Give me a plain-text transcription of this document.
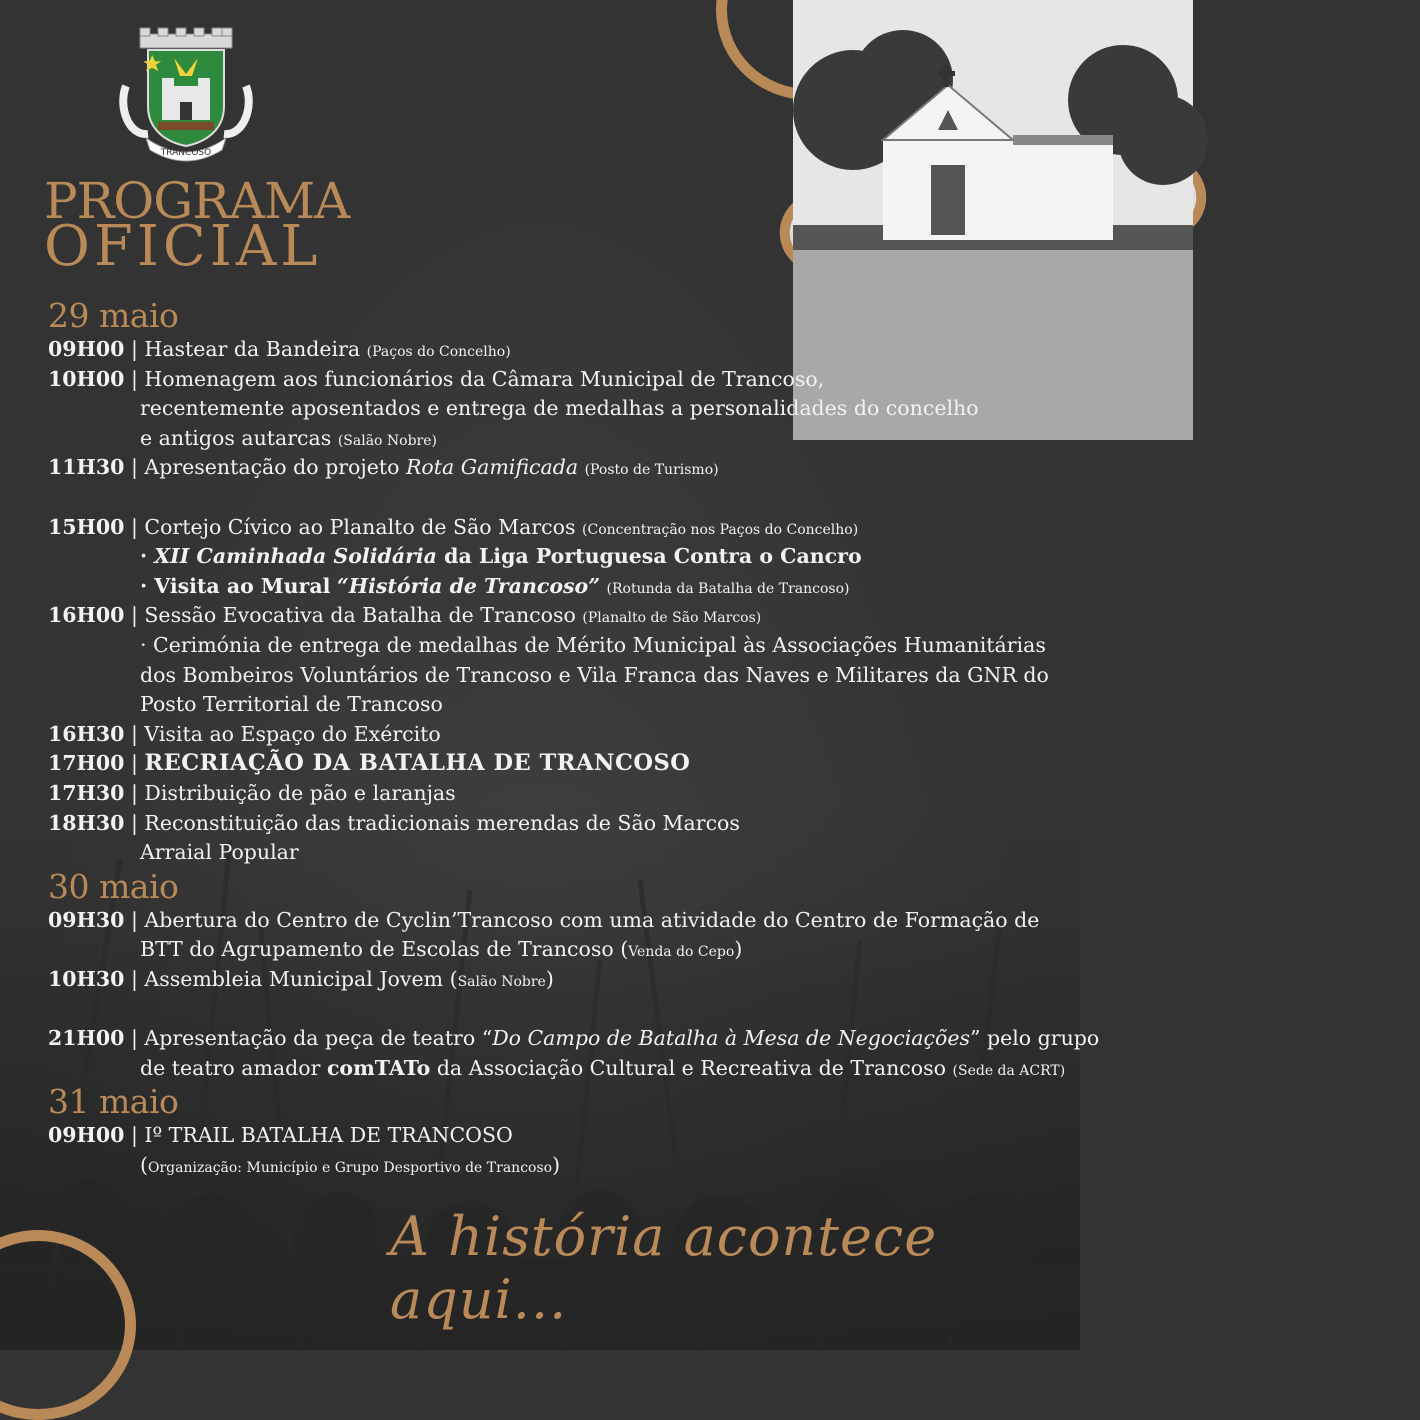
TRANCOSO
PROGRAMA
OFICIAL
29 maio
09H00 | Hastear da Bandeira (Paços do Concelho)
10H00 | Homenagem aos funcionários da Câmara Municipal de Trancoso,
recentemente aposentados e entrega de medalhas a personalidades do concelho
e antigos autarcas (Salão Nobre)
11H30 | Apresentação do projeto Rota Gamificada (Posto de Turismo)
15H00 | Cortejo Cívico ao Planalto de São Marcos (Concentração nos Paços do Concelho)
· XII Caminhada Solidária da Liga Portuguesa Contra o Cancro
· Visita ao Mural “História de Trancoso” (Rotunda da Batalha de Trancoso)
16H00 | Sessão Evocativa da Batalha de Trancoso (Planalto de São Marcos)
· Cerimónia de entrega de medalhas de Mérito Municipal às Associações Humanitárias
dos Bombeiros Voluntários de Trancoso e Vila Franca das Naves e Militares da GNR do
Posto Territorial de Trancoso
16H30 | Visita ao Espaço do Exército
17H00 | RECRIAÇÃO DA BATALHA DE TRANCOSO
17H30 | Distribuição de pão e laranjas
18H30 | Reconstituição das tradicionais merendas de São Marcos
Arraial Popular
30 maio
09H30 | Abertura do Centro de Cyclin’Trancoso com uma atividade do Centro de Formação de
BTT do Agrupamento de Escolas de Trancoso (Venda do Cepo)
10H30 | Assembleia Municipal Jovem (Salão Nobre)
21H00 | Apresentação da peça de teatro “Do Campo de Batalha à Mesa de Negociações” pelo grupo
de teatro amador comTATo da Associação Cultural e Recreativa de Trancoso (Sede da ACRT)
31 maio
09H00 | Iº TRAIL BATALHA DE TRANCOSO
(Organização: Município e Grupo Desportivo de Trancoso)
A história acontece aqui...
